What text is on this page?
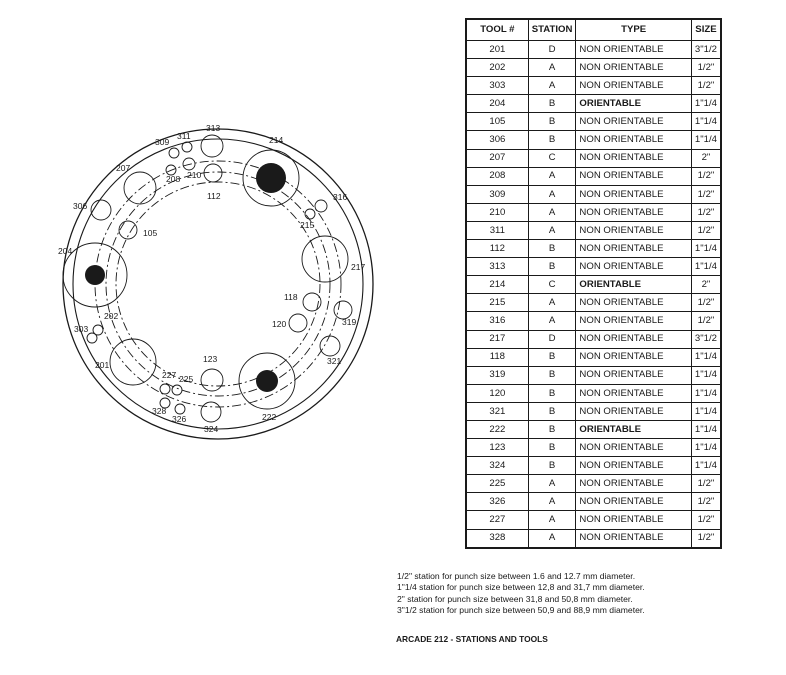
201
202
303
204
105
306
207
208
309
210
311
112
313
214
215
316
217
118
319
120
321
222
123
324
225
326
227
328
TOOL #	STATION	TYPE	SIZE
201	D	NON ORIENTABLE	3"1/2
202	A	NON ORIENTABLE	1/2"
303	A	NON ORIENTABLE	1/2"
204	B	ORIENTABLE	1"1/4
105	B	NON ORIENTABLE	1"1/4
306	B	NON ORIENTABLE	1"1/4
207	C	NON ORIENTABLE	2"
208	A	NON ORIENTABLE	1/2"
309	A	NON ORIENTABLE	1/2"
210	A	NON ORIENTABLE	1/2"
311	A	NON ORIENTABLE	1/2"
112	B	NON ORIENTABLE	1"1/4
313	B	NON ORIENTABLE	1"1/4
214	C	ORIENTABLE	2"
215	A	NON ORIENTABLE	1/2"
316	A	NON ORIENTABLE	1/2"
217	D	NON ORIENTABLE	3"1/2
118	B	NON ORIENTABLE	1"1/4
319	B	NON ORIENTABLE	1"1/4
120	B	NON ORIENTABLE	1"1/4
321	B	NON ORIENTABLE	1"1/4
222	B	ORIENTABLE	1"1/4
123	B	NON ORIENTABLE	1"1/4
324	B	NON ORIENTABLE	1"1/4
225	A	NON ORIENTABLE	1/2"
326	A	NON ORIENTABLE	1/2"
227	A	NON ORIENTABLE	1/2"
328	A	NON ORIENTABLE	1/2"
1/2" station for punch size between 1.6 and 12.7 mm diameter.
1"1/4 station for punch size between 12,8 and 31,7 mm diameter.
2" station for punch size between 31,8 and 50,8 mm diameter.
3"1/2 station for punch size between 50,9 and 88,9 mm diameter.
ARCADE 212 - STATIONS AND TOOLS
